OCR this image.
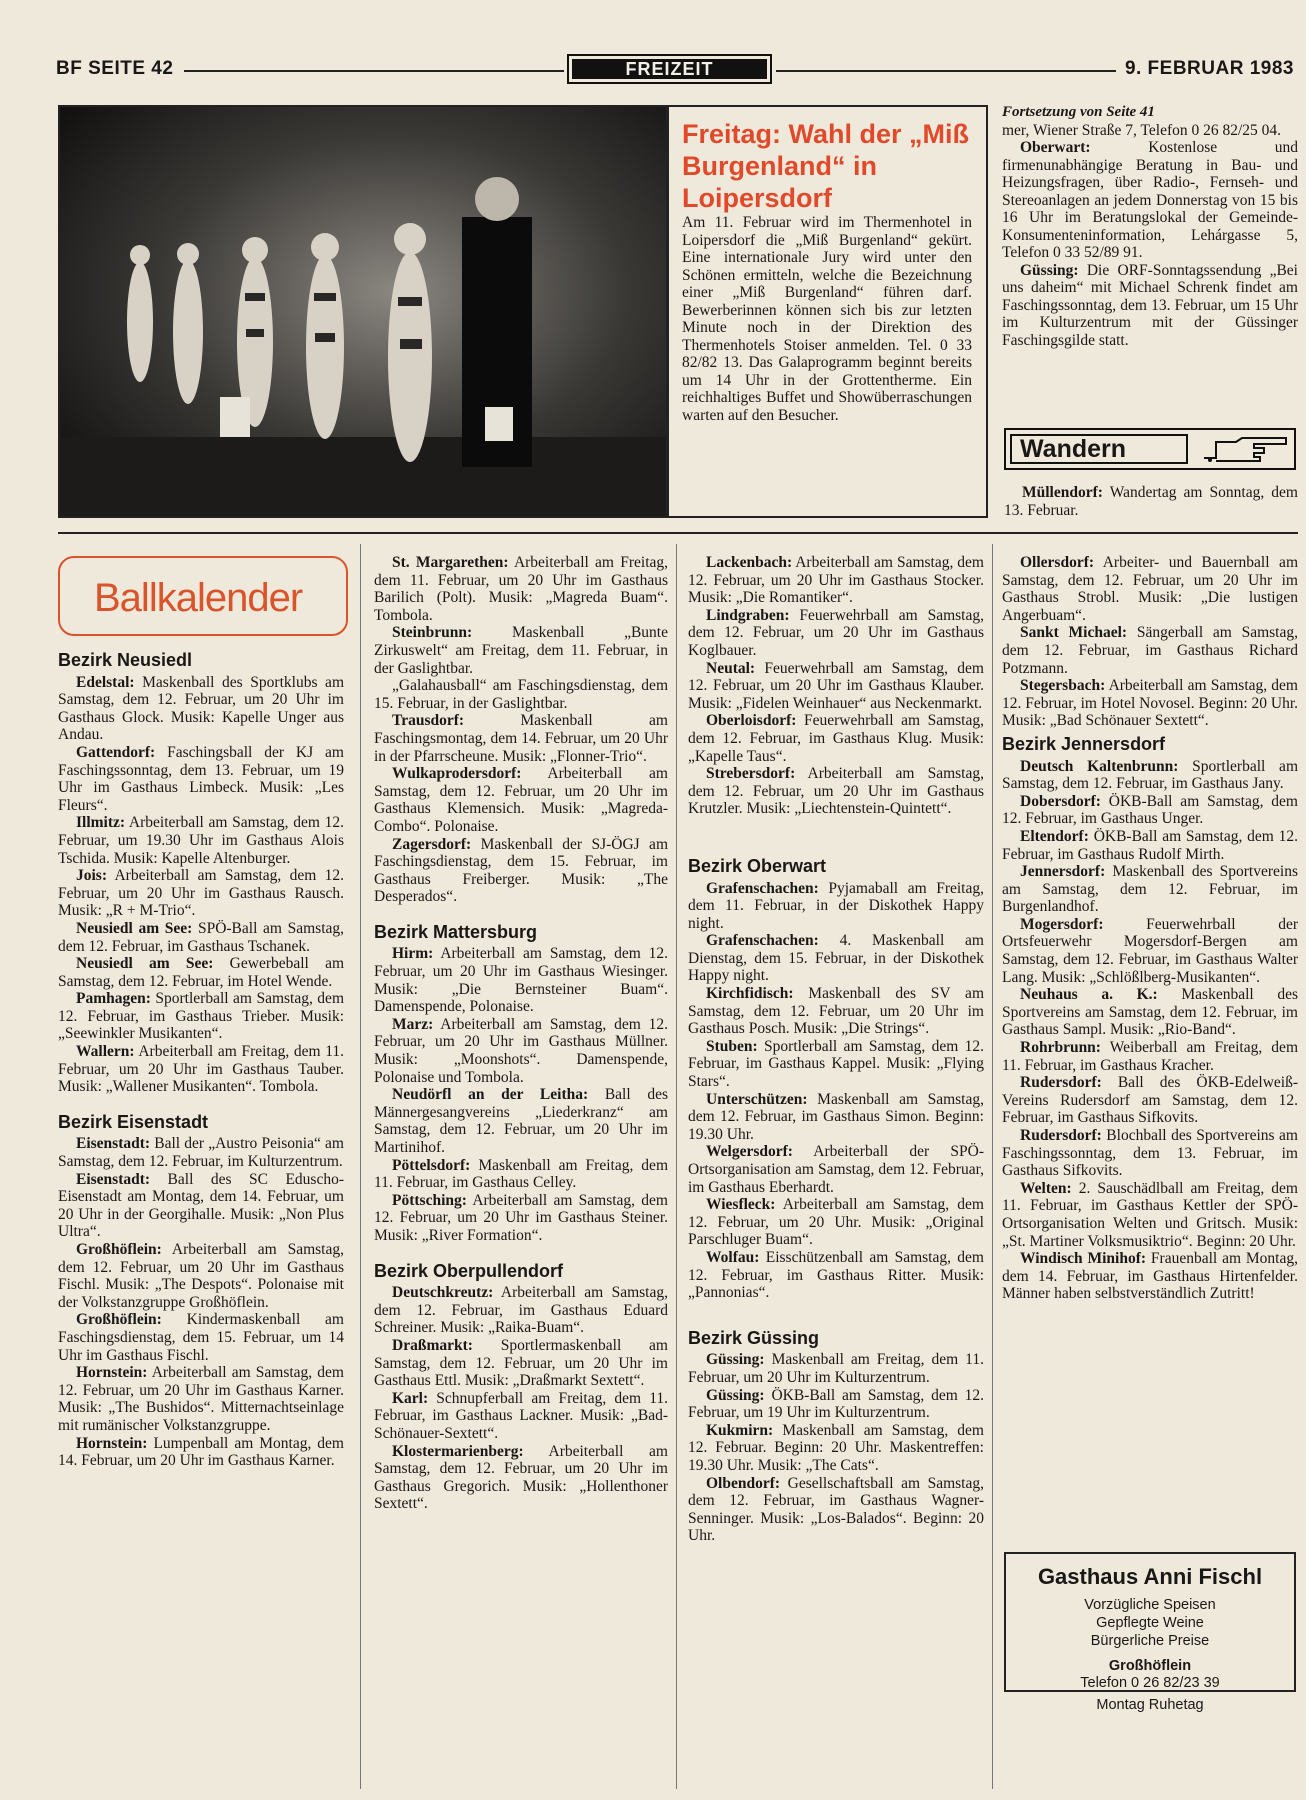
BF SEITE 42	FREIZEIT	9. FEBRUAR 1983
Freitag: Wahl der „Miß Burgenland“ in Loipersdorf
Am 11. Februar wird im Thermenhotel in Loipersdorf die „Miß Burgenland“ gekürt. Eine internationale Jury wird unter den Schönen ermitteln, welche die Bezeichnung einer „Miß Burgenland“ führen darf. Bewerberinnen können sich bis zur letzten Minute noch in der Direktion des Thermenhotels Stoiser anmelden. Tel. 0 33 82/82 13. Das Galaprogramm beginnt bereits um 14 Uhr in der Grottentherme. Ein reichhaltiges Buffet und Showüberraschungen warten auf den Besucher.

Fortsetzung von Seite 41

mer, Wiener Straße 7, Telefon 0 26 82/25 04.

Oberwart: Kostenlose und firmenunabhängige Beratung in Bau- und Heizungsfragen, über Radio-, Fernseh- und Stereoanlagen an jedem Donnerstag von 15 bis 16 Uhr im Beratungslokal der Gemeinde-Konsumenteninformation, Lehárgasse 5, Telefon 0 33 52/89 91.

Güssing: Die ORF-Sonntagssendung „Bei uns daheim“ mit Michael Schrenk findet am Faschingssonntag, dem 13. Februar, um 15 Uhr im Kulturzentrum mit der Güssinger Faschingsgilde statt.

Wandern

Müllendorf: Wandertag am Sonntag, dem 13. Februar.

Ballkalender
Bezirk Neusiedl

Edelstal: Maskenball des Sportklubs am Samstag, dem 12. Februar, um 20 Uhr im Gasthaus Glock. Musik: Kapelle Unger aus Andau.

Gattendorf: Faschingsball der KJ am Faschingssonntag, dem 13. Februar, um 19 Uhr im Gasthaus Limbeck. Musik: „Les Fleurs“.

Illmitz: Arbeiterball am Samstag, dem 12. Februar, um 19.30 Uhr im Gasthaus Alois Tschida. Musik: Kapelle Altenburger.

Jois: Arbeiterball am Samstag, dem 12. Februar, um 20 Uhr im Gasthaus Rausch. Musik: „R + M-Trio“.

Neusiedl am See: SPÖ-Ball am Samstag, dem 12. Februar, im Gasthaus Tschanek.

Neusiedl am See: Gewerbeball am Samstag, dem 12. Februar, im Hotel Wende.

Pamhagen: Sportlerball am Samstag, dem 12. Februar, im Gasthaus Trieber. Musik: „Seewinkler Musikanten“.

Wallern: Arbeiterball am Freitag, dem 11. Februar, um 20 Uhr im Gasthaus Tauber. Musik: „Wallener Musikanten“. Tombola.

Bezirk Eisenstadt

Eisenstadt: Ball der „Austro Peisonia“ am Samstag, dem 12. Februar, im Kulturzentrum.

Eisenstadt: Ball des SC Eduscho-Eisenstadt am Montag, dem 14. Februar, um 20 Uhr in der Georgihalle. Musik: „Non Plus Ultra“.

Großhöflein: Arbeiterball am Samstag, dem 12. Februar, um 20 Uhr im Gasthaus Fischl. Musik: „The Despots“. Polonaise mit der Volkstanzgruppe Großhöflein.

Großhöflein: Kindermaskenball am Faschingsdienstag, dem 15. Februar, um 14 Uhr im Gasthaus Fischl.

Hornstein: Arbeiterball am Samstag, dem 12. Februar, um 20 Uhr im Gasthaus Karner. Musik: „The Bushidos“. Mitternachtseinlage mit rumänischer Volkstanzgruppe.

Hornstein: Lumpenball am Montag, dem 14. Februar, um 20 Uhr im Gasthaus Karner.

St. Margarethen: Arbeiterball am Freitag, dem 11. Februar, um 20 Uhr im Gasthaus Barilich (Polt). Musik: „Magreda Buam“. Tombola.

Steinbrunn: Maskenball „Bunte Zirkuswelt“ am Freitag, dem 11. Februar, in der Gaslightbar.

„Galahausball“ am Faschingsdienstag, dem 15. Februar, in der Gaslightbar.

Trausdorf: Maskenball am Faschingsmontag, dem 14. Februar, um 20 Uhr in der Pfarrscheune. Musik: „Flonner-Trio“.

Wulkaprodersdorf: Arbeiterball am Samstag, dem 12. Februar, um 20 Uhr im Gasthaus Klemensich. Musik: „Magreda-Combo“. Polonaise.

Zagersdorf: Maskenball der SJ-ÖGJ am Faschingsdienstag, dem 15. Februar, im Gasthaus Freiberger. Musik: „The Desperados“.

Bezirk Mattersburg

Hirm: Arbeiterball am Samstag, dem 12. Februar, um 20 Uhr im Gasthaus Wiesinger. Musik: „Die Bernsteiner Buam“. Damenspende, Polonaise.

Marz: Arbeiterball am Samstag, dem 12. Februar, um 20 Uhr im Gasthaus Müllner. Musik: „Moonshots“. Damenspende, Polonaise und Tombola.

Neudörfl an der Leitha: Ball des Männergesangvereins „Liederkranz“ am Samstag, dem 12. Februar, um 20 Uhr im Martinihof.

Pöttelsdorf: Maskenball am Freitag, dem 11. Februar, im Gasthaus Celley.

Pöttsching: Arbeiterball am Samstag, dem 12. Februar, um 20 Uhr im Gasthaus Steiner. Musik: „River Formation“.

Bezirk Oberpullendorf

Deutschkreutz: Arbeiterball am Samstag, dem 12. Februar, im Gasthaus Eduard Schreiner. Musik: „Raika-Buam“.

Draßmarkt: Sportlermaskenball am Samstag, dem 12. Februar, um 20 Uhr im Gasthaus Ettl. Musik: „Draßmarkt Sextett“.

Karl: Schnupferball am Freitag, dem 11. Februar, im Gasthaus Lackner. Musik: „Bad-Schönauer-Sextett“.

Klostermarienberg: Arbeiterball am Samstag, dem 12. Februar, um 20 Uhr im Gasthaus Gregorich. Musik: „Hollenthoner Sextett“.

Lackenbach: Arbeiterball am Samstag, dem 12. Februar, um 20 Uhr im Gasthaus Stocker. Musik: „Die Romantiker“.

Lindgraben: Feuerwehrball am Samstag, dem 12. Februar, um 20 Uhr im Gasthaus Koglbauer.

Neutal: Feuerwehrball am Samstag, dem 12. Februar, um 20 Uhr im Gasthaus Klauber. Musik: „Fidelen Weinhauer“ aus Neckenmarkt.

Oberloisdorf: Feuerwehrball am Samstag, dem 12. Februar, im Gasthaus Klug. Musik: „Kapelle Taus“.

Strebersdorf: Arbeiterball am Samstag, dem 12. Februar, um 20 Uhr im Gasthaus Krutzler. Musik: „Liechtenstein-Quintett“.

Bezirk Oberwart

Grafenschachen: Pyjamaball am Freitag, dem 11. Februar, in der Diskothek Happy night.

Grafenschachen: 4. Maskenball am Dienstag, dem 15. Februar, in der Diskothek Happy night.

Kirchfidisch: Maskenball des SV am Samstag, dem 12. Februar, um 20 Uhr im Gasthaus Posch. Musik: „Die Strings“.

Stuben: Sportlerball am Samstag, dem 12. Februar, im Gasthaus Kappel. Musik: „Flying Stars“.

Unterschützen: Maskenball am Samstag, dem 12. Februar, im Gasthaus Simon. Beginn: 19.30 Uhr.

Welgersdorf: Arbeiterball der SPÖ-Ortsorganisation am Samstag, dem 12. Februar, im Gasthaus Eberhardt.

Wiesfleck: Arbeiterball am Samstag, dem 12. Februar, um 20 Uhr. Musik: „Original Parschluger Buam“.

Wolfau: Eisschützenball am Samstag, dem 12. Februar, im Gasthaus Ritter. Musik: „Pannonias“.

Bezirk Güssing

Güssing: Maskenball am Freitag, dem 11. Februar, um 20 Uhr im Kulturzentrum.

Güssing: ÖKB-Ball am Samstag, dem 12. Februar, um 19 Uhr im Kulturzentrum.

Kukmirn: Maskenball am Samstag, dem 12. Februar. Beginn: 20 Uhr. Maskentreffen: 19.30 Uhr. Musik: „The Cats“.

Olbendorf: Gesellschaftsball am Samstag, dem 12. Februar, im Gasthaus Wagner-Senninger. Musik: „Los-Balados“. Beginn: 20 Uhr.

Ollersdorf: Arbeiter- und Bauernball am Samstag, dem 12. Februar, um 20 Uhr im Gasthaus Strobl. Musik: „Die lustigen Angerbuam“.

Sankt Michael: Sängerball am Samstag, dem 12. Februar, im Gasthaus Richard Potzmann.

Stegersbach: Arbeiterball am Samstag, dem 12. Februar, im Hotel Novosel. Beginn: 20 Uhr. Musik: „Bad Schönauer Sextett“.

Bezirk Jennersdorf

Deutsch Kaltenbrunn: Sportlerball am Samstag, dem 12. Februar, im Gasthaus Jany.

Dobersdorf: ÖKB-Ball am Samstag, dem 12. Februar, im Gasthaus Unger.

Eltendorf: ÖKB-Ball am Samstag, dem 12. Februar, im Gasthaus Rudolf Mirth.

Jennersdorf: Maskenball des Sportvereins am Samstag, dem 12. Februar, im Burgenlandhof.

Mogersdorf: Feuerwehrball der Ortsfeuerwehr Mogersdorf-Bergen am Samstag, dem 12. Februar, im Gasthaus Walter Lang. Musik: „Schlößlberg-Musikanten“.

Neuhaus a. K.: Maskenball des Sportvereins am Samstag, dem 12. Februar, im Gasthaus Sampl. Musik: „Rio-Band“.

Rohrbrunn: Weiberball am Freitag, dem 11. Februar, im Gasthaus Kracher.

Rudersdorf: Ball des ÖKB-Edelweiß-Vereins Rudersdorf am Samstag, dem 12. Februar, im Gasthaus Sifkovits.

Rudersdorf: Blochball des Sportvereins am Faschingssonntag, dem 13. Februar, im Gasthaus Sifkovits.

Welten: 2. Sauschädlball am Freitag, dem 11. Februar, im Gasthaus Kettler der SPÖ-Ortsorganisation Welten und Gritsch. Musik: „St. Martiner Volksmusiktrio“. Beginn: 20 Uhr.

Windisch Minihof: Frauenball am Montag, dem 14. Februar, im Gasthaus Hirtenfelder. Männer haben selbstverständlich Zutritt!

Gasthaus Anni Fischl
Vorzügliche Speisen
Gepflegte Weine
Bürgerliche Preise
Großhöflein
Telefon 0 26 82/23 39
Montag Ruhetag
